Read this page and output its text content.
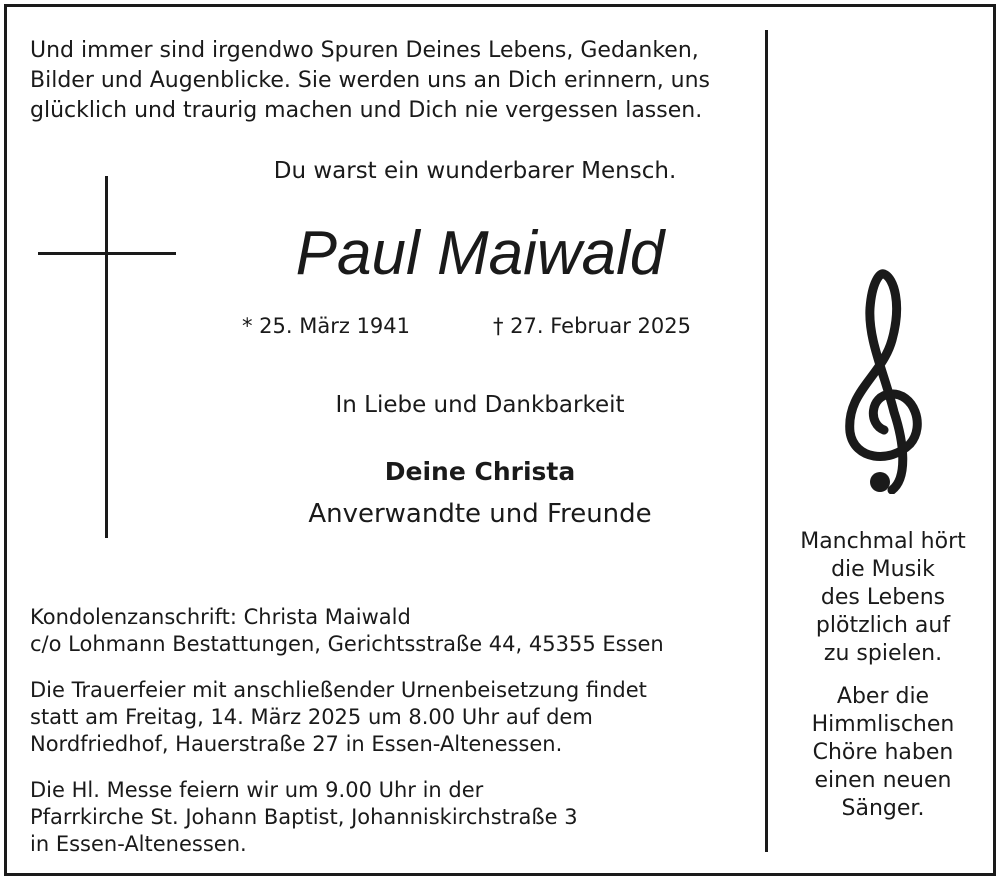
Und immer sind irgendwo Spuren Deines Lebens, Gedanken,
Bilder und Augenblicke. Sie werden uns an Dich erinnern, uns
glücklich und traurig machen und Dich nie vergessen lassen.
Du warst ein wunderbarer Mensch.
Paul Maiwald
* 25. März 1941	† 27. Februar 2025
In Liebe und Dankbarkeit
Deine Christa
Anverwandte und Freunde
Kondolenzanschrift: Christa Maiwald
c/o Lohmann Bestattungen, Gerichtsstraße 44, 45355 Essen
Die Trauerfeier mit anschließender Urnenbeisetzung findet
statt am Freitag, 14. März 2025 um 8.00 Uhr auf dem
Nordfriedhof, Hauerstraße 27 in Essen-Altenessen.
Die Hl. Messe feiern wir um 9.00 Uhr in der
Pfarrkirche St. Johann Baptist, Johanniskirchstraße 3
in Essen-Altenessen.
Manchmal hört
die Musik
des Lebens
plötzlich auf
zu spielen.
Aber die
Himmlischen
Chöre haben
einen neuen
Sänger.
